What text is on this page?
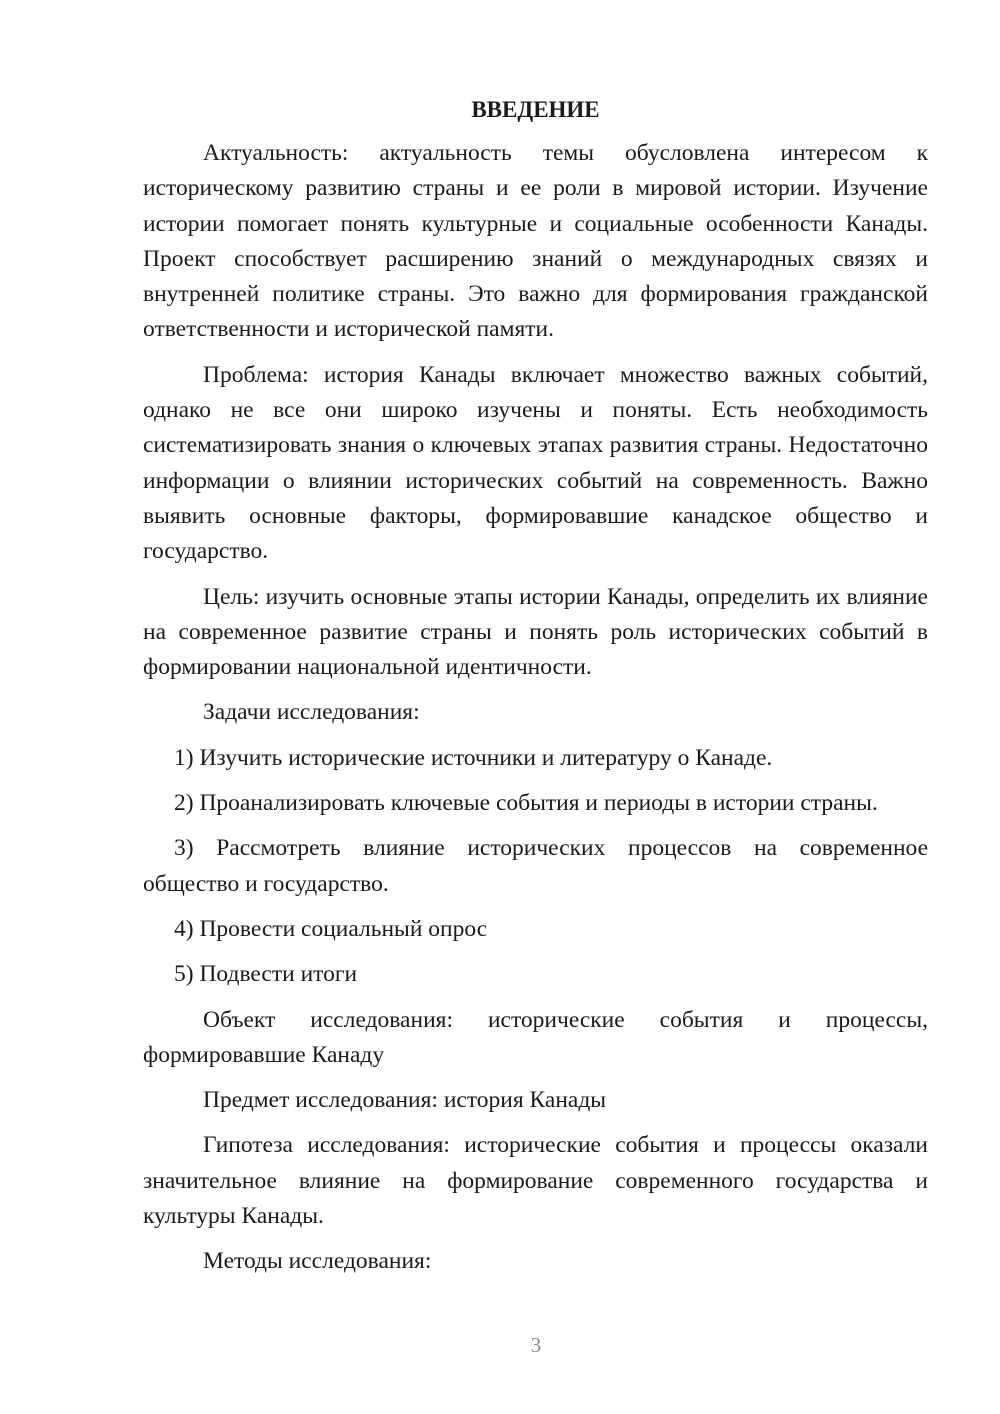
ВВЕДЕНИЕ

Актуальность: актуальность темы обусловлена интересом к историческому развитию страны и ее роли в мировой истории. Изучение истории помогает понять культурные и социальные особенности Канады. Проект способствует расширению знаний о международных связях и внутренней политике страны. Это важно для формирования гражданской ответственности и исторической памяти.

Проблема: история Канады включает множество важных событий, однако не все они широко изучены и поняты. Есть необходимость систематизировать знания о ключевых этапах развития страны. Недостаточно информации о влиянии исторических событий на современность. Важно выявить основные факторы, формировавшие канадское общество и государство.

Цель: изучить основные этапы истории Канады, определить их влияние на современное развитие страны и понять роль исторических событий в формировании национальной идентичности.

Задачи исследования:

1) Изучить исторические источники и литературу о Канаде.

2) Проанализировать ключевые события и периоды в истории страны.

3) Рассмотреть влияние исторических процессов на современное общество и государство.

4) Провести социальный опрос

5) Подвести итоги

Объект исследования: исторические события и процессы, формировавшие Канаду

Предмет исследования: история Канады

Гипотеза исследования: исторические события и процессы оказали значительное влияние на формирование современного государства и культуры Канады.

Методы исследования:

3
